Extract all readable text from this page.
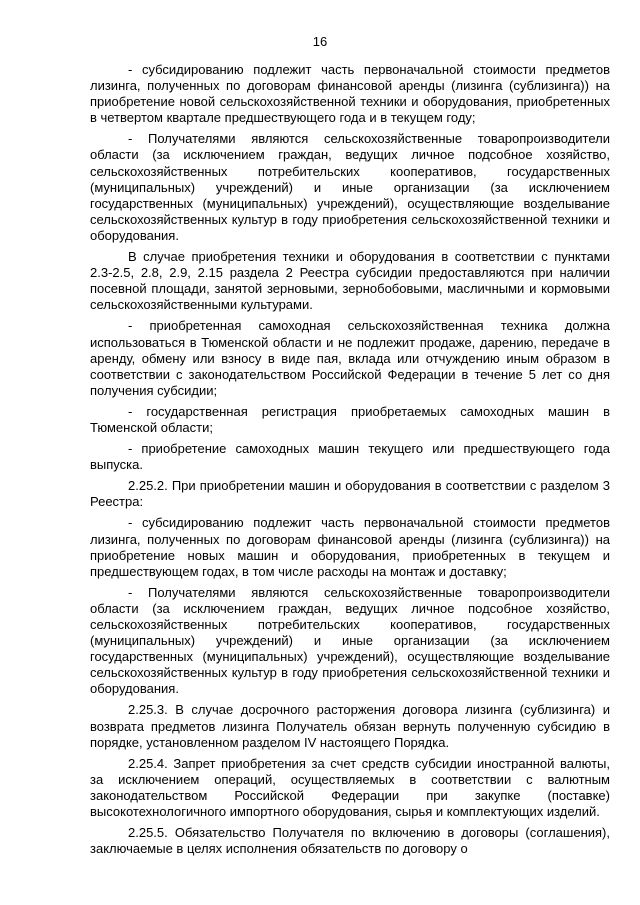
16

- субсидированию подлежит часть первоначальной стоимости предметов лизинга, полученных по договорам финансовой аренды (лизинга (сублизинга)) на приобретение новой сельскохозяйственной техники и оборудования, приобретенных в четвертом квартале предшествующего года и в текущем году;

- Получателями являются сельскохозяйственные товаропроизводители области (за исключением граждан, ведущих личное подсобное хозяйство, сельскохозяйственных потребительских кооперативов, государственных (муниципальных) учреждений) и иные организации (за исключением государственных (муниципальных) учреждений), осуществляющие возделывание сельскохозяйственных культур в году приобретения сельскохозяйственной техники и оборудования.

В случае приобретения техники и оборудования в соответствии с пунктами 2.3-2.5, 2.8, 2.9, 2.15 раздела 2 Реестра субсидии предоставляются при наличии посевной площади, занятой зерновыми, зернобобовыми, масличными и кормовыми сельскохозяйственными культурами.

- приобретенная самоходная сельскохозяйственная техника должна использоваться в Тюменской области и не подлежит продаже, дарению, передаче в аренду, обмену или взносу в виде пая, вклада или отчуждению иным образом в соответствии с законодательством Российской Федерации в течение 5 лет со дня получения субсидии;

- государственная регистрация приобретаемых самоходных машин в Тюменской области;

- приобретение самоходных машин текущего или предшествующего года выпуска.

2.25.2. При приобретении машин и оборудования в соответствии с разделом 3 Реестра:

- субсидированию подлежит часть первоначальной стоимости предметов лизинга, полученных по договорам финансовой аренды (лизинга (сублизинга)) на приобретение новых машин и оборудования, приобретенных в текущем и предшествующем годах, в том числе расходы на монтаж и доставку;

- Получателями являются сельскохозяйственные товаропроизводители области (за исключением граждан, ведущих личное подсобное хозяйство, сельскохозяйственных потребительских кооперативов, государственных (муниципальных) учреждений) и иные организации (за исключением государственных (муниципальных) учреждений), осуществляющие возделывание сельскохозяйственных культур в году приобретения сельскохозяйственной техники и оборудования.

2.25.3. В случае досрочного расторжения договора лизинга (сублизинга) и возврата предметов лизинга Получатель обязан вернуть полученную субсидию в порядке, установленном разделом IV настоящего Порядка.

2.25.4. Запрет приобретения за счет средств субсидии иностранной валюты, за исключением операций, осуществляемых в соответствии с валютным законодательством Российской Федерации при закупке (поставке) высокотехнологичного импортного оборудования, сырья и комплектующих изделий.

2.25.5. Обязательство Получателя по включению в договоры (соглашения), заключаемые в целях исполнения обязательств по договору о
